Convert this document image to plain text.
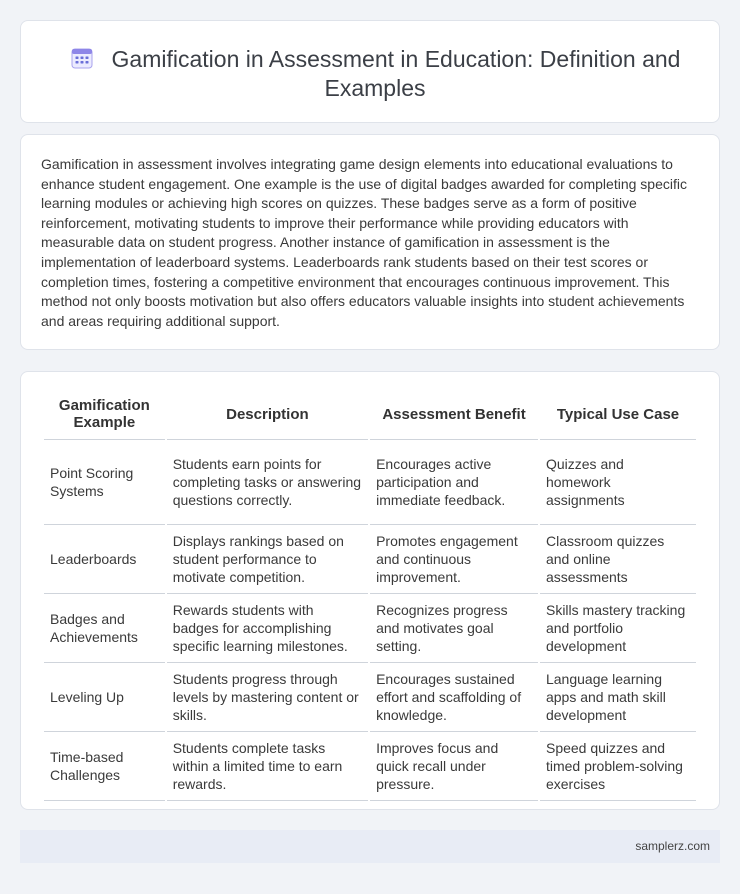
Gamification in Assessment in Education: Definition and Examples

Gamification in assessment involves integrating game design elements into educational evaluations to enhance student engagement. One example is the use of digital badges awarded for completing specific learning modules or achieving high scores on quizzes. These badges serve as a form of positive reinforcement, motivating students to improve their performance while providing educators with measurable data on student progress. Another instance of gamification in assessment is the implementation of leaderboard systems. Leaderboards rank students based on their test scores or completion times, fostering a competitive environment that encourages continuous improvement. This method not only boosts motivation but also offers educators valuable insights into student achievements and areas requiring additional support.

Gamification Example	Description	Assessment Benefit	Typical Use Case
Point Scoring Systems	Students earn points for completing tasks or answering questions correctly.	Encourages active participation and immediate feedback.	Quizzes and homework assignments
Leaderboards	Displays rankings based on student performance to motivate competition.	Promotes engagement and continuous improvement.	Classroom quizzes and online assessments
Badges and Achievements	Rewards students with badges for accomplishing specific learning milestones.	Recognizes progress and motivates goal setting.	Skills mastery tracking and portfolio development
Leveling Up	Students progress through levels by mastering content or skills.	Encourages sustained effort and scaffolding of knowledge.	Language learning apps and math skill development
Time-based Challenges	Students complete tasks within a limited time to earn rewards.	Improves focus and quick recall under pressure.	Speed quizzes and timed problem-solving exercises
samplerz.com
